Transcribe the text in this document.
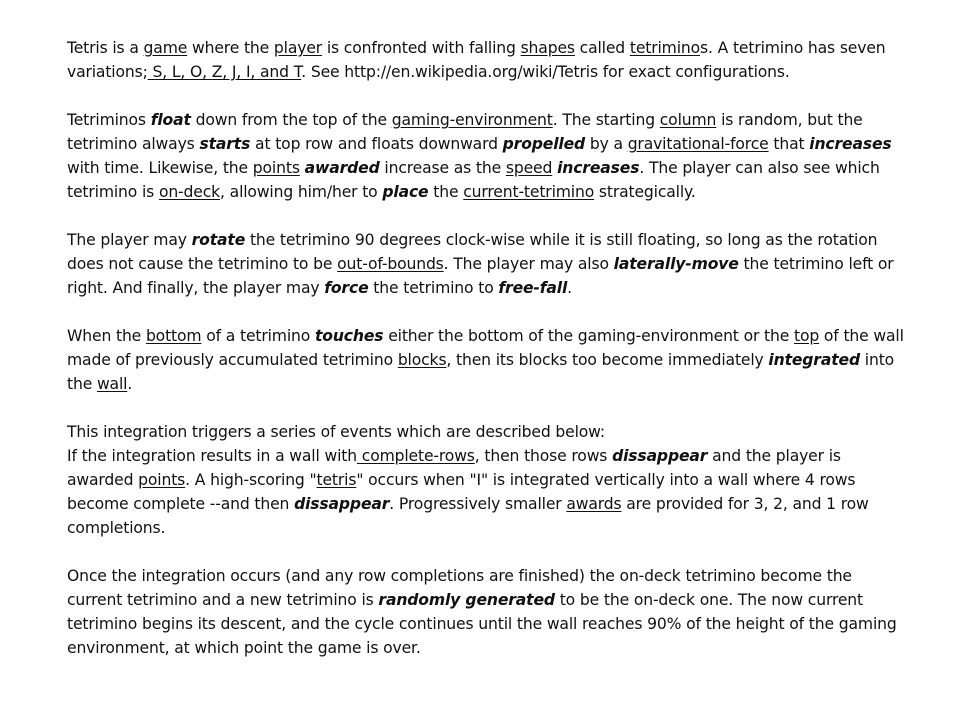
Tetris is a game where the player is confronted with falling shapes called tetriminos. A tetrimino has seven variations; S, L, O, Z, J, I, and T. See http://en.wikipedia.org/wiki/Tetris for exact configurations.

Tetriminos float down from the top of the gaming-environment. The starting column is random, but the tetrimino always starts at top row and floats downward propelled by a gravitational-force that increases with time. Likewise, the points awarded increase as the speed increases. The player can also see which tetrimino is on-deck, allowing him/her to place the current-tetrimino strategically.

The player may rotate the tetrimino 90 degrees clock-wise while it is still floating, so long as the rotation does not cause the tetrimino to be out-of-bounds. The player may also laterally-move the tetrimino left or right. And finally, the player may force the tetrimino to free-fall.

When the bottom of a tetrimino touches either the bottom of the gaming-environment or the top of the wall made of previously accumulated tetrimino blocks, then its blocks too become immediately integrated into the wall.

This integration triggers a series of events which are described below:
If the integration results in a wall with complete-rows, then those rows dissappear and the player is awarded points. A high-scoring "tetris" occurs when "I" is integrated vertically into a wall where 4 rows become complete --and then dissappear. Progressively smaller awards are provided for 3, 2, and 1 row completions.

Once the integration occurs (and any row completions are finished) the on-deck tetrimino become the current tetrimino and a new tetrimino is randomly generated to be the on-deck one. The now current tetrimino begins its descent, and the cycle continues until the wall reaches 90% of the height of the gaming environment, at which point the game is over.
